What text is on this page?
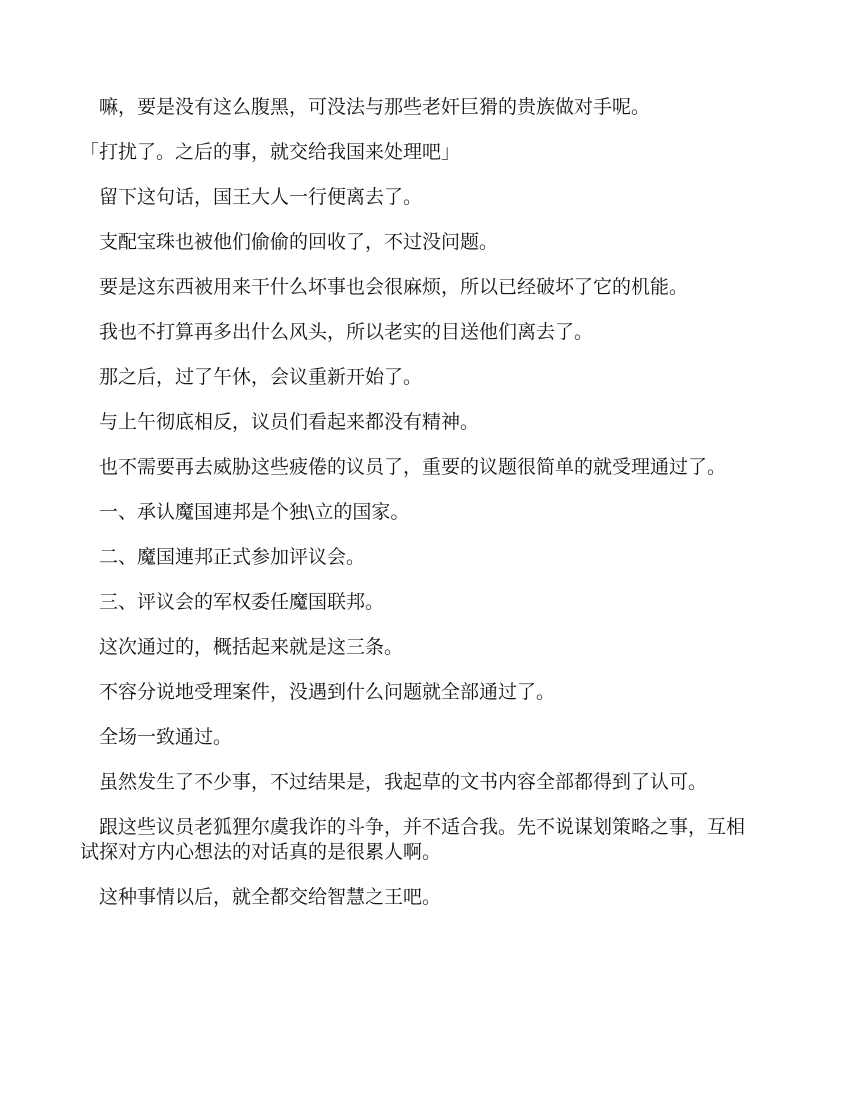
　嘛，要是没有这么腹黑，可没法与那些老奸巨猾的贵族做对手呢。

「打扰了。之后的事，就交给我国来处理吧」

　留下这句话，国王大人一行便离去了。

　支配宝珠也被他们偷偷的回收了，不过没问题。

　要是这东西被用来干什么坏事也会很麻烦，所以已经破坏了它的机能。

　我也不打算再多出什么风头，所以老实的目送他们离去了。

　那之后，过了午休，会议重新开始了。

　与上午彻底相反，议员们看起来都没有精神。

　也不需要再去威胁这些疲倦的议员了，重要的议题很简单的就受理通过了。

　一、承认魔国連邦是个独\立的国家。

　二、魔国連邦正式参加评议会。

　三、评议会的军权委任魔国联邦。

　这次通过的，概括起来就是这三条。

　不容分说地受理案件，没遇到什么问题就全部通过了。

　全场一致通过。

　虽然发生了不少事，不过结果是，我起草的文书内容全部都得到了认可。

　跟这些议员老狐狸尔虞我诈的斗争，并不适合我。先不说谋划策略之事，互相试探对方内心想法的对话真的是很累人啊。

　这种事情以后，就全都交给智慧之王吧。
